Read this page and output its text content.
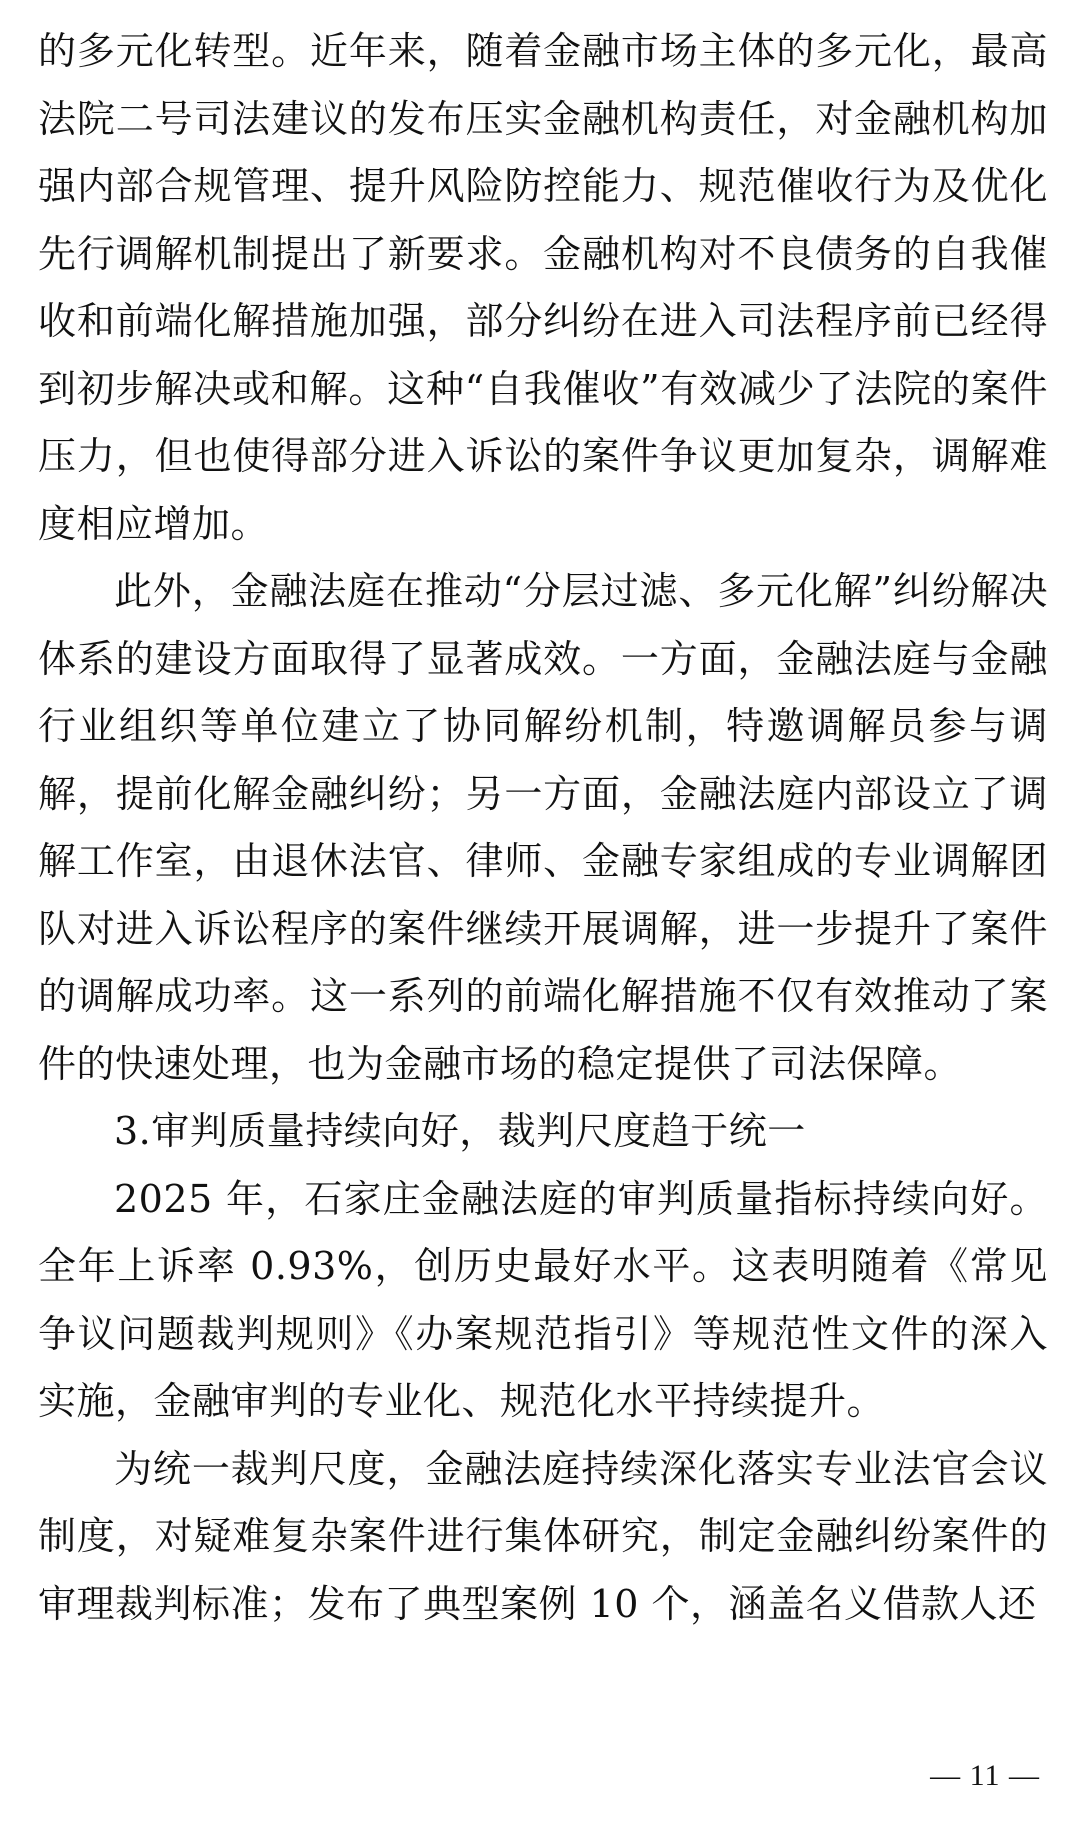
的多元化转型。近年来，随着金融市场主体的多元化，最高法院二号司法建议的发布压实金融机构责任，对金融机构加强内部合规管理、提升风险防控能力、规范催收行为及优化先行调解机制提出了新要求。金融机构对不良债务的自我催收和前端化解措施加强，部分纠纷在进入司法程序前已经得到初步解决或和解。这种“自我催收”有效减少了法院的案件压力，但也使得部分进入诉讼的案件争议更加复杂，调解难度相应增加。

此外，金融法庭在推动“分层过滤、多元化解”纠纷解决体系的建设方面取得了显著成效。一方面，金融法庭与金融行业组织等单位建立了协同解纷机制，特邀调解员参与调解，提前化解金融纠纷；另一方面，金融法庭内部设立了调解工作室，由退休法官、律师、金融专家组成的专业调解团队对进入诉讼程序的案件继续开展调解，进一步提升了案件的调解成功率。这一系列的前端化解措施不仅有效推动了案件的快速处理，也为金融市场的稳定提供了司法保障。

3.审判质量持续向好，裁判尺度趋于统一

2025 年，石家庄金融法庭的审判质量指标持续向好。全年上诉率 0.93%，创历史最好水平。这表明随着《常见争议问题裁判规则》《办案规范指引》等规范性文件的深入实施，金融审判的专业化、规范化水平持续提升。

为统一裁判尺度，金融法庭持续深化落实专业法官会议制度，对疑难复杂案件进行集体研究，制定金融纠纷案件的审理裁判标准；发布了典型案例 10 个，涵盖名义借款人还

— 11 —
